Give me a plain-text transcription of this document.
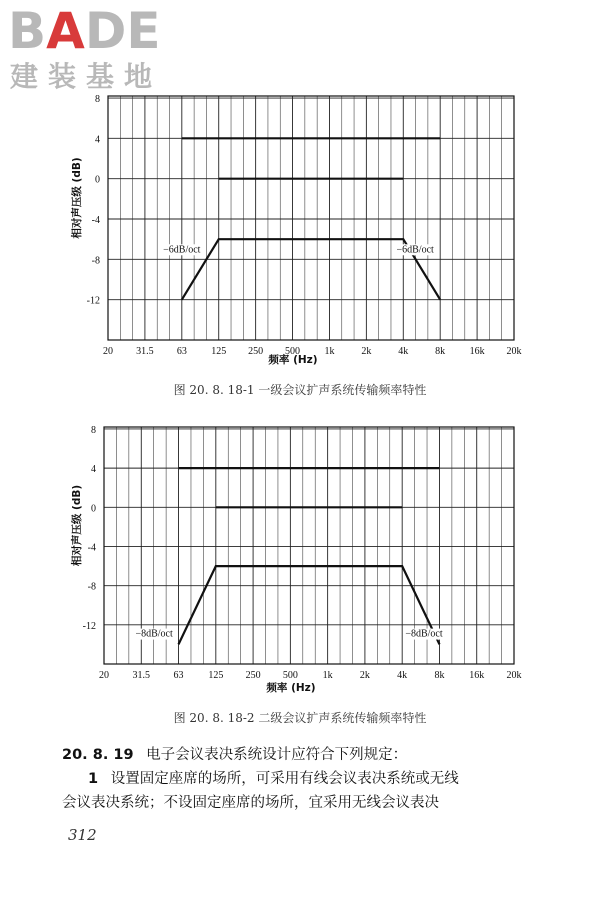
BADE
建装基地
8
4
0
-4
-8
-12
20 31.5 63 125 250 500 1k	2k	4k	8k 16k 20k
频率 (Hz)
相对声压级 (dB)
−6dB/oct	−6dB/oct
图 20. 8. 18-1 一级会议扩声系统传输频率特性
8
4
0
-4
-8
-12
20 31.5 63 125 250 500 1k	2k	4k	8k 16k 20k
频率 (Hz)
相对声压级 (dB)
−8dB/oct	−8dB/oct
图 20. 8. 18-2 二级会议扩声系统传输频率特性
20. 8. 19 电子会议表决系统设计应符合下列规定：
1 设置固定座席的场所，可采用有线会议表决系统或无线
会议表决系统；不设固定座席的场所，宜采用无线会议表决
312
